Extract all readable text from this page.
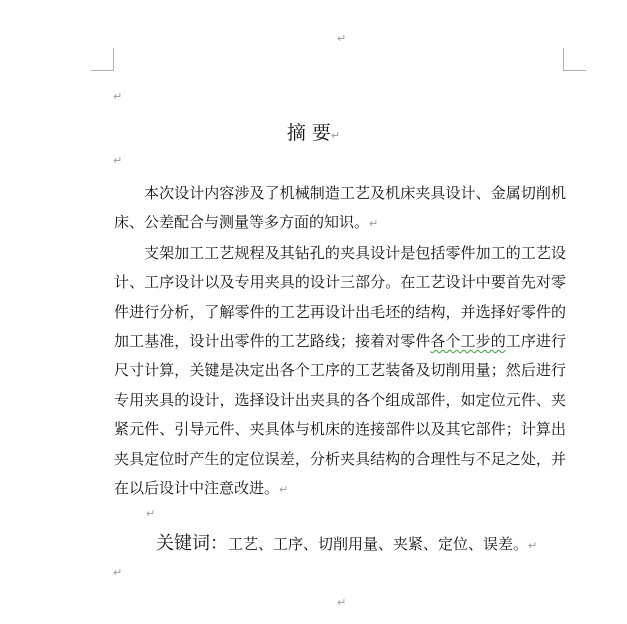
↵
↵
↵
↵
↵
↵
摘 要↵

本次设计内容涉及了机械制造工艺及机床夹具设计、金属切削机床、公差配合与测量等多方面的知识。↵

支架加工工艺规程及其钻孔的夹具设计是包括零件加工的工艺设计、工序设计以及专用夹具的设计三部分。在工艺设计中要首先对零件进行分析，了解零件的工艺再设计出毛坯的结构，并选择好零件的加工基准，设计出零件的工艺路线；接着对零件各个工步的工序进行尺寸计算，关键是决定出各个工序的工艺装备及切削用量；然后进行专用夹具的设计，选择设计出夹具的各个组成部件，如定位元件、夹紧元件、引导元件、夹具体与机床的连接部件以及其它部件；计算出夹具定位时产生的定位误差，分析夹具结构的合理性与不足之处，并在以后设计中注意改进。↵

关键词：工艺、工序、切削用量、夹紧、定位、误差。↵
